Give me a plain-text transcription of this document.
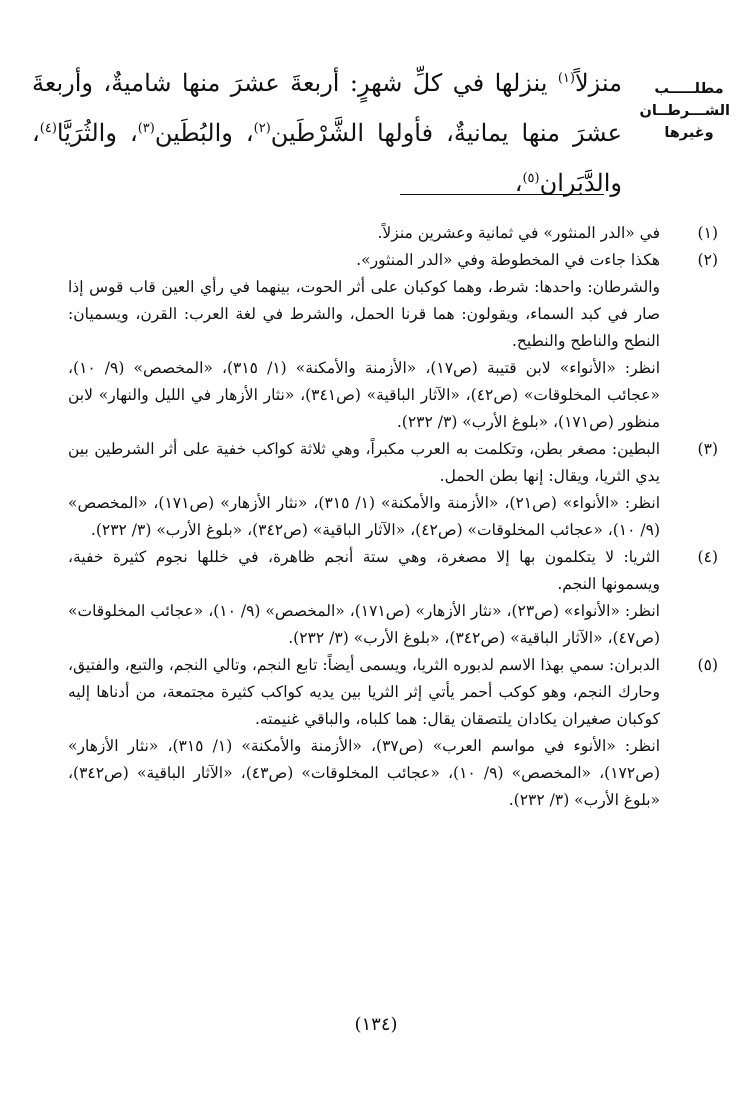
مطلـــــب
الشـــرطــان
وغيرها

منزلاً$^{(١)}$ ينزلها في كلِّ شهرٍ: أربعةَ عشرَ منها شاميةٌ، وأربعةَ عشرَ منها يمانيةٌ، فأولها الشَّرْطَين$^{(٢)}$، والبُطَين$^{(٣)}$، والثُرَيَّا$^{(٤)}$، والدَّبَران$^{(٥)}$،

(١)

في «الدر المنثور» في ثمانية وعشرين منزلاً.

(٢)

هكذا جاءت في المخطوطة وفي «الدر المنثور».

والشرطان: واحدها: شرط، وهما كوكبان على أثر الحوت، بينهما في رأي العين قاب قوس إذا صار في كبد السماء، ويقولون: هما قرنا الحمل، والشرط في لغة العرب: القرن، ويسميان: النطح والناطح والنطيح.

انظر: «الأنواء» لابن قتيبة (ص١٧)، «الأزمنة والأمكنة» (١/ ٣١٥)، «المخصص» (٩/ ١٠)، «عجائب المخلوقات» (ص٤٢)، «الآثار الباقية» (ص٣٤١)، «نثار الأزهار في الليل والنهار» لابن منظور (ص١٧١)، «بلوغ الأرب» (٣/ ٢٣٢).

(٣)

البطين: مصغر بطن، وتكلمت به العرب مكبراً، وهي ثلاثة كواكب خفية على أثر الشرطين بين يدي الثريا، ويقال: إنها بطن الحمل.

انظر: «الأنواء» (ص٢١)، «الأزمنة والأمكنة» (١/ ٣١٥)، «نثار الأزهار» (ص١٧١)، «المخصص» (٩/ ١٠)، «عجائب المخلوقات» (ص٤٢)، «الآثار الباقية» (ص٣٤٢)، «بلوغ الأرب» (٣/ ٢٣٢).

(٤)

الثريا: لا يتكلمون بها إلا مصغرة، وهي ستة أنجم ظاهرة، في خللها نجوم كثيرة خفية، ويسمونها النجم.

انظر: «الأنواء» (ص٢٣)، «نثار الأزهار» (ص١٧١)، «المخصص» (٩/ ١٠)، «عجائب المخلوقات» (ص٤٧)، «الآثار الباقية» (ص٣٤٢)، «بلوغ الأرب» (٣/ ٢٣٢).

(٥)

الدبران: سمي بهذا الاسم لدبوره الثريا، ويسمى أيضاً: تابع النجم، وتالي النجم، والتبع، والفتيق، وحارك النجم، وهو كوكب أحمر يأتي إثر الثريا بين يديه كواكب كثيرة مجتمعة، من أدناها إليه كوكبان صغيران يكادان يلتصقان يقال: هما كلباه، والباقي غنيمته.

انظر: «الأنوء في مواسم العرب» (ص٣٧)، «الأزمنة والأمكنة» (١/ ٣١٥)، «نثار الأزهار» (ص١٧٢)، «المخصص» (٩/ ١٠)، «عجائب المخلوقات» (ص٤٣)، «الآثار الباقية» (ص٣٤٢)، «بلوغ الأرب» (٣/ ٢٣٢).

(١٣٤)
